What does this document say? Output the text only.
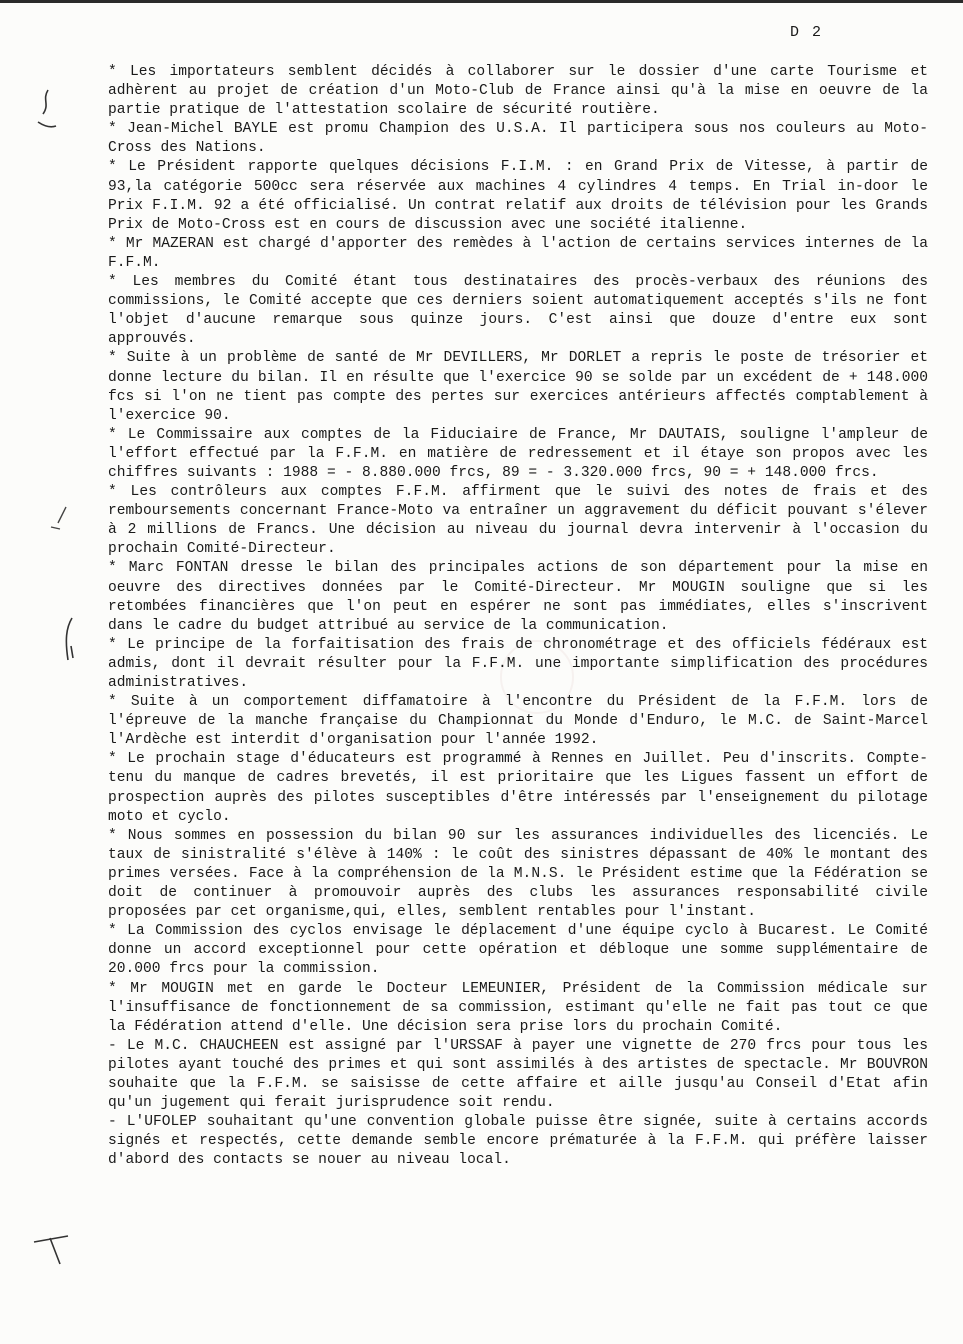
D 2

* Les importateurs semblent décidés à collaborer sur le dossier d'une carte Tourisme et adhèrent au projet de création d'un Moto-Club de France ainsi qu'à la mise en oeuvre de la partie pratique de l'attestation scolaire de sécurité routière.

* Jean-Michel BAYLE est promu Champion des U.S.A. Il participera sous nos couleurs au Moto-Cross des Nations.

* Le Président rapporte quelques décisions F.I.M. : en Grand Prix de Vitesse, à partir de 93,la catégorie 500cc sera réservée aux machines 4 cylindres 4 temps. En Trial in-door le Prix F.I.M. 92 a été officialisé. Un contrat relatif aux droits de télévision pour les Grands Prix de Moto-Cross est en cours de discussion avec une société italienne.

* Mr MAZERAN est chargé d'apporter des remèdes à l'action de certains services internes de la F.F.M.

* Les membres du Comité étant tous destinataires des procès-verbaux des réunions des commissions, le Comité accepte que ces derniers soient automatiquement acceptés s'ils ne font l'objet d'aucune remarque sous quinze jours. C'est ainsi que douze d'entre eux sont approuvés.

* Suite à un problème de santé de Mr DEVILLERS, Mr DORLET a repris le poste de trésorier et donne lecture du bilan. Il en résulte que l'exercice 90 se solde par un excédent de + 148.000 fcs si l'on ne tient pas compte des pertes sur exercices antérieurs affectés comptablement à l'exercice 90.

* Le Commissaire aux comptes de la Fiduciaire de France, Mr DAUTAIS, souligne l'ampleur de l'effort effectué par la F.F.M. en matière de redressement et il étaye son propos avec les chiffres suivants : 1988 = - 8.880.000 frcs, 89 = - 3.320.000 frcs, 90 = + 148.000 frcs.

* Les contrôleurs aux comptes F.F.M. affirment que le suivi des notes de frais et des remboursements concernant France-Moto va entraîner un aggravement du déficit pouvant s'élever à 2 millions de Francs. Une décision au niveau du journal devra intervenir à l'occasion du prochain Comité-Directeur.

* Marc FONTAN dresse le bilan des principales actions de son département pour la mise en oeuvre des directives données par le Comité-Directeur. Mr MOUGIN souligne que si les retombées financières que l'on peut en espérer ne sont pas immédiates, elles s'inscrivent dans le cadre du budget attribué au service de la communication.

* Le principe de la forfaitisation des frais de chronométrage et des officiels fédéraux est admis, dont il devrait résulter pour la F.F.M. une importante simplification des procédures administratives.

* Suite à un comportement diffamatoire à l'encontre du Président de la F.F.M. lors de l'épreuve de la manche française du Championnat du Monde d'Enduro, le M.C. de Saint-Marcel l'Ardèche est interdit d'organisation pour l'année 1992.

* Le prochain stage d'éducateurs est programmé à Rennes en Juillet. Peu d'inscrits. Compte-tenu du manque de cadres brevetés, il est prioritaire que les Ligues fassent un effort de prospection auprès des pilotes susceptibles d'être intéressés par l'enseignement du pilotage moto et cyclo.

* Nous sommes en possession du bilan 90 sur les assurances individuelles des licenciés. Le taux de sinistralité s'élève à 140% : le coût des sinistres dépassant de 40% le montant des primes versées. Face à la compréhension de la M.N.S. le Président estime que la Fédération se doit de continuer à promouvoir auprès des clubs les assurances responsabilité civile proposées par cet organisme,qui, elles, semblent rentables pour l'instant.

* La Commission des cyclos envisage le déplacement d'une équipe cyclo à Bucarest. Le Comité donne un accord exceptionnel pour cette opération et débloque une somme supplémentaire de 20.000 frcs pour la commission.

* Mr MOUGIN met en garde le Docteur LEMEUNIER, Président de la Commission médicale sur l'insuffisance de fonctionnement de sa commission, estimant qu'elle ne fait pas tout ce que la Fédération attend d'elle. Une décision sera prise lors du prochain Comité.

- Le M.C. CHAUCHEEN est assigné par l'URSSAF à payer une vignette de 270 frcs pour tous les pilotes ayant touché des primes et qui sont assimilés à des artistes de spectacle. Mr BOUVRON souhaite que la F.F.M. se saisisse de cette affaire et aille jusqu'au Conseil d'Etat afin qu'un jugement qui ferait jurisprudence soit rendu.

- L'UFOLEP souhaitant qu'une convention globale puisse être signée, suite à certains accords signés et respectés, cette demande semble encore prématurée à la F.F.M. qui préfère laisser d'abord des contacts se nouer au niveau local.
